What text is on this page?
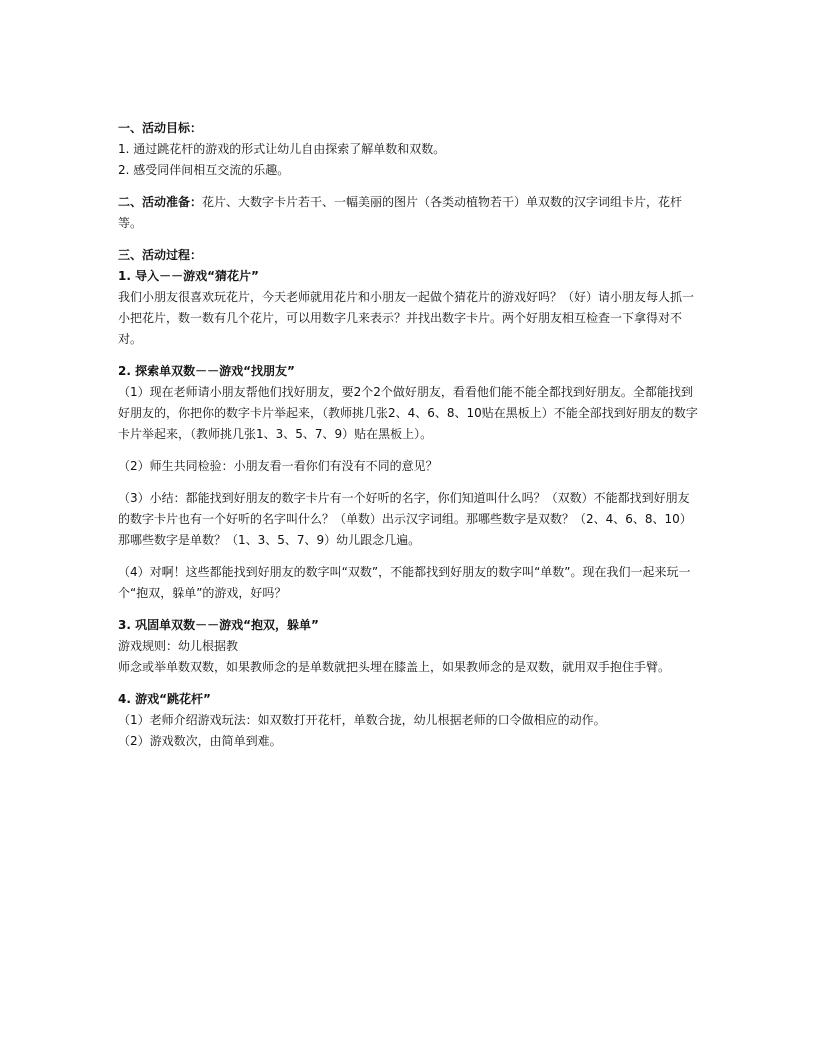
一、活动目标：

1. 通过跳花杆的游戏的形式让幼儿自由探索了解单数和双数。

2. 感受同伴间相互交流的乐趣。

二、活动准备：花片、大数字卡片若干、一幅美丽的图片（各类动植物若干）单双数的汉字词组卡片，花杆等。

三、活动过程：

1. 导入－－游戏“猜花片”

我们小朋友很喜欢玩花片，今天老师就用花片和小朋友一起做个猜花片的游戏好吗？（好）请小朋友每人抓一小把花片，数一数有几个花片，可以用数字几来表示？并找出数字卡片。两个好朋友相互检查一下拿得对不对。

2. 探索单双数－－游戏“找朋友”

（1）现在老师请小朋友帮他们找好朋友，要2个2个做好朋友，看看他们能不能全都找到好朋友。全都能找到好朋友的，你把你的数字卡片举起来，（教师挑几张2、4、6、8、10贴在黑板上）不能全部找到好朋友的数字卡片举起来，（教师挑几张1、3、5、7、9）贴在黑板上）。

（2）师生共同检验：小朋友看一看你们有没有不同的意见？

（3）小结：都能找到好朋友的数字卡片有一个好听的名字，你们知道叫什么吗？（双数）不能都找到好朋友的数字卡片也有一个好听的名字叫什么？（单数）出示汉字词组。那哪些数字是双数？（2、4、6、8、10）那哪些数字是单数？（1、3、5、7、9）幼儿跟念几遍。

（4）对啊！这些都能找到好朋友的数字叫“双数”，不能都找到好朋友的数字叫“单数”。现在我们一起来玩一个“抱双，躲单”的游戏，好吗？

3. 巩固单双数－－游戏“抱双，躲单”

游戏规则：幼儿根据教

师念或举单数双数，如果教师念的是单数就把头埋在膝盖上，如果教师念的是双数，就用双手抱住手臂。

4. 游戏“跳花杆”

（1）老师介绍游戏玩法：如双数打开花杆，单数合拢，幼儿根据老师的口令做相应的动作。

（2）游戏数次，由简单到难。
